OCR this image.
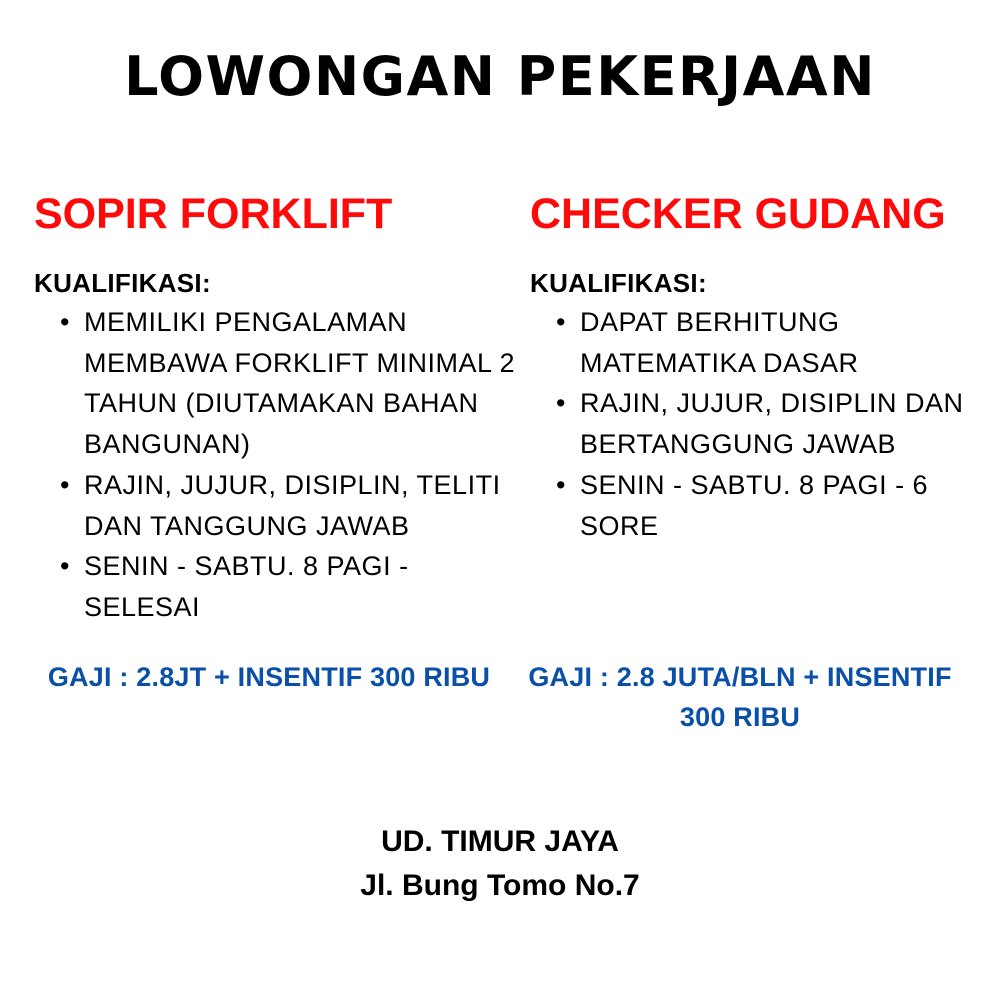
LOWONGAN PEKERJAAN
SOPIR FORKLIFT
KUALIFIKASI:
• MEMILIKI PENGALAMAN MEMBAWA FORKLIFT MINIMAL 2 TAHUN (DIUTAMAKAN BAHAN BANGUNAN)
• RAJIN, JUJUR, DISIPLIN, TELITI DAN TANGGUNG JAWAB
• SENIN - SABTU. 8 PAGI - SELESAI
CHECKER GUDANG
KUALIFIKASI:
• DAPAT BERHITUNG MATEMATIKA DASAR
• RAJIN, JUJUR, DISIPLIN DAN BERTANGGUNG JAWAB
• SENIN - SABTU. 8 PAGI - 6 SORE
GAJI : 2.8JT + INSENTIF 300 RIBU	GAJI : 2.8 JUTA/BLN + INSENTIF 300 RIBU
UD. TIMUR JAYA
Jl. Bung Tomo No.7
